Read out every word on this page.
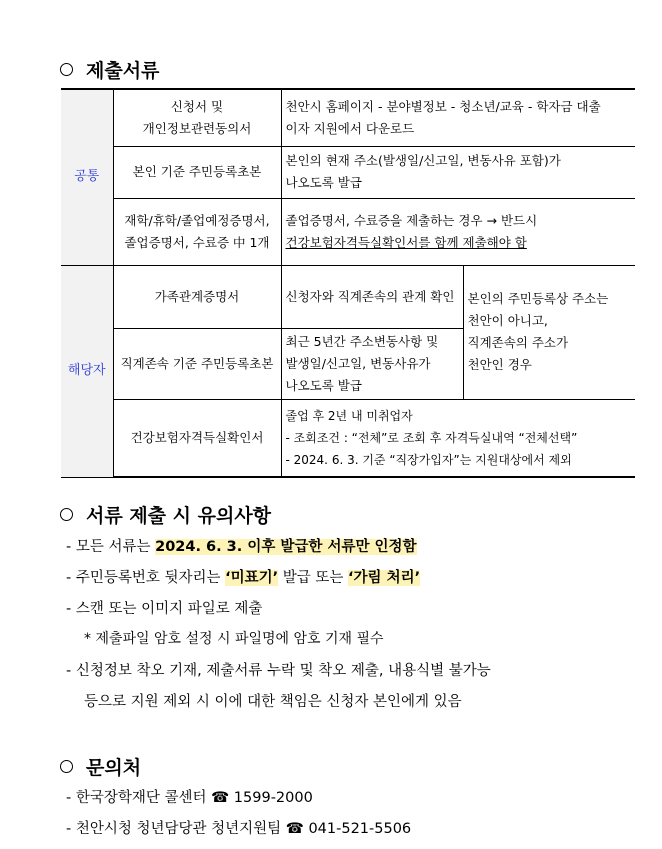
제출서류
공통	신청서 및
개인정보관련동의서	천안시 홈페이지 - 분야별정보 - 청소년/교육 - 학자금 대출
이자 지원에서 다운로드	
	본인 기준 주민등록초본	본인의 현재 주소(발생일/신고일, 변동사유 포함)가
나오도록 발급	
	재학/휴학/졸업예정증명서,
졸업증명서, 수료증 中 1개	졸업증명서, 수료증을 제출하는 경우 → 반드시
건강보험자격득실확인서를 함께 제출해야 함	
해당자	가족관계증명서	신청자와 직계존속의 관계 확인	본인의 주민등록상 주소는
천안이 아니고,
직계존속의 주소가
천안인 경우
	직계존속 기준 주민등록초본	최근 5년간 주소변동사항 및
발생일/신고일, 변동사유가
나오도록 발급	
	건강보험자격득실확인서	졸업 후 2년 내 미취업자
- 조회조건 : “전체”로 조회 후 자격득실내역 “전체선택”
- 2024. 6. 3. 기준 “직장가입자”는 지원대상에서 제외	
서류 제출 시 유의사항
- 모든 서류는 2024. 6. 3. 이후 발급한 서류만 인정함
- 주민등록번호 뒷자리는 ‘미표기’ 발급 또는 ‘가림 처리’
- 스캔 또는 이미지 파일로 제출
* 제출파일 암호 설정 시 파일명에 암호 기재 필수
- 신청정보 착오 기재, 제출서류 누락 및 착오 제출, 내용식별 불가능
등으로 지원 제외 시 이에 대한 책임은 신청자 본인에게 있음
문의처
- 한국장학재단 콜센터 ☎ 1599-2000
- 천안시청 청년담당관 청년지원팀 ☎ 041-521-5506
